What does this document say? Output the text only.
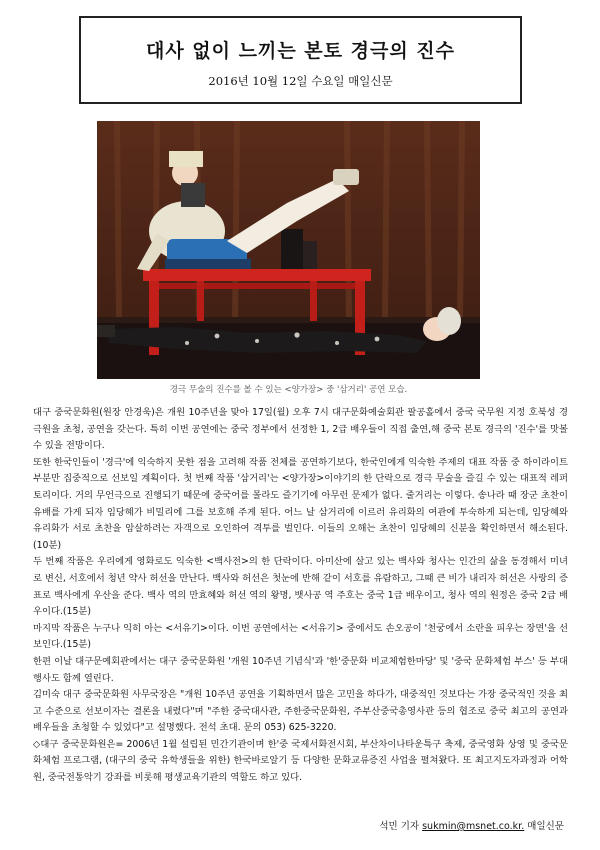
대사 없이 느끼는 본토 경극의 진수
2016년 10월 12일 수요일 매일신문
경극 무술의 진수를 볼 수 있는 <양가장> 중 '삼거리' 공연 모습.

대구 중국문화원(원장 안경욱)은 개원 10주년을 맞아 17일(월) 오후 7시 대구문화예술회관 팔공홀에서 중국 국무원 지정 호북성 경극원을 초청, 공연을 갖는다. 특히 이번 공연에는 중국 정부에서 선정한 1, 2급 배우들이 직접 출연,해 중국 본토 경극의 '진수'를 맛볼 수 있을 전망이다.

또한 한국인들이 '경극'에 익숙하지 못한 점을 고려해 작품 전체를 공연하기보다, 한국인에게 익숙한 주제의 대표 작품 중 하이라이트 부분만 집중적으로 선보일 계획이다. 첫 번째 작품 '삼거리'는 <양가장>이야기의 한 단락으로 경극 무술을 즐길 수 있는 대표적 레퍼토리이다. 거의 무언극으로 진행되기 때문에 중국어를 몰라도 즐기기에 아무런 문제가 없다. 줄거리는 이렇다. 송나라 때 장군 초찬이 유배를 가게 되자 임당혜가 비밀리에 그를 보호해 주게 된다. 어느 날 삼거리에 이르러 유리화의 여관에 투숙하게 되는데, 임당혜와 유리화가 서로 초찬을 암살하려는 자객으로 오인하여 격투를 벌인다. 이들의 오해는 초찬이 임당혜의 신분을 확인하면서 해소된다.(10분)

두 번째 작품은 우리에게 영화로도 익숙한 <백사전>의 한 단락이다. 아미산에 살고 있는 백사와 청사는 인간의 삶을 동경해서 미녀로 변신, 서호에서 청년 약사 허선을 만난다. 백사와 허선은 첫눈에 반해 같이 서호를 유람하고, 그때 큰 비가 내리자 허선은 사랑의 증표로 백사에게 우산을 준다. 백사 역의 만효혜와 허선 역의 왕명, 뱃사공 역 주호는 중국 1급 배우이고, 청사 역의 원정은 중국 2급 배우이다.(15분)

마지막 작품은 누구나 익히 아는 <서유기>이다. 이번 공연에서는 <서유기> 중에서도 손오공이 '천궁에서 소란을 피우는 장면'을 선보인다.(15분)

한편 이날 대구문예회관에서는 대구 중국문화원 '개원 10주년 기념식'과 '한'중문화 비교체험한마당' 및 '중국 문화체험 부스' 등 부대행사도 함께 열린다.

김미숙 대구 중국문화원 사무국장은 "개원 10주년 공연을 기획하면서 많은 고민을 하다가, 대중적인 것보다는 가장 중국적인 것을 최고 수준으로 선보이자는 결론을 내렸다"며 "주한 중국대사관, 주한중국문화원, 주부산중국총영사관 등의 협조로 중국 최고의 공연과 배우들을 초청할 수 있었다"고 설명했다. 전석 초대. 문의 053) 625-3220.

◇대구 중국문화원은= 2006년 1월 설립된 민간기관이며 한'중 국제서화전시회, 부산차이나타운특구 축제, 중국영화 상영 및 중국문화체험 프로그램, (대구의 중국 유학생들을 위한) 한국바로알기 등 다양한 문화교류증진 사업을 펼쳐왔다. 또 최고지도자과정과 어학원, 중국전통악기 강좌를 비롯해 평생교육기관의 역할도 하고 있다.

석민 기자 sukmin@msnet.co.kr. 매일신문
